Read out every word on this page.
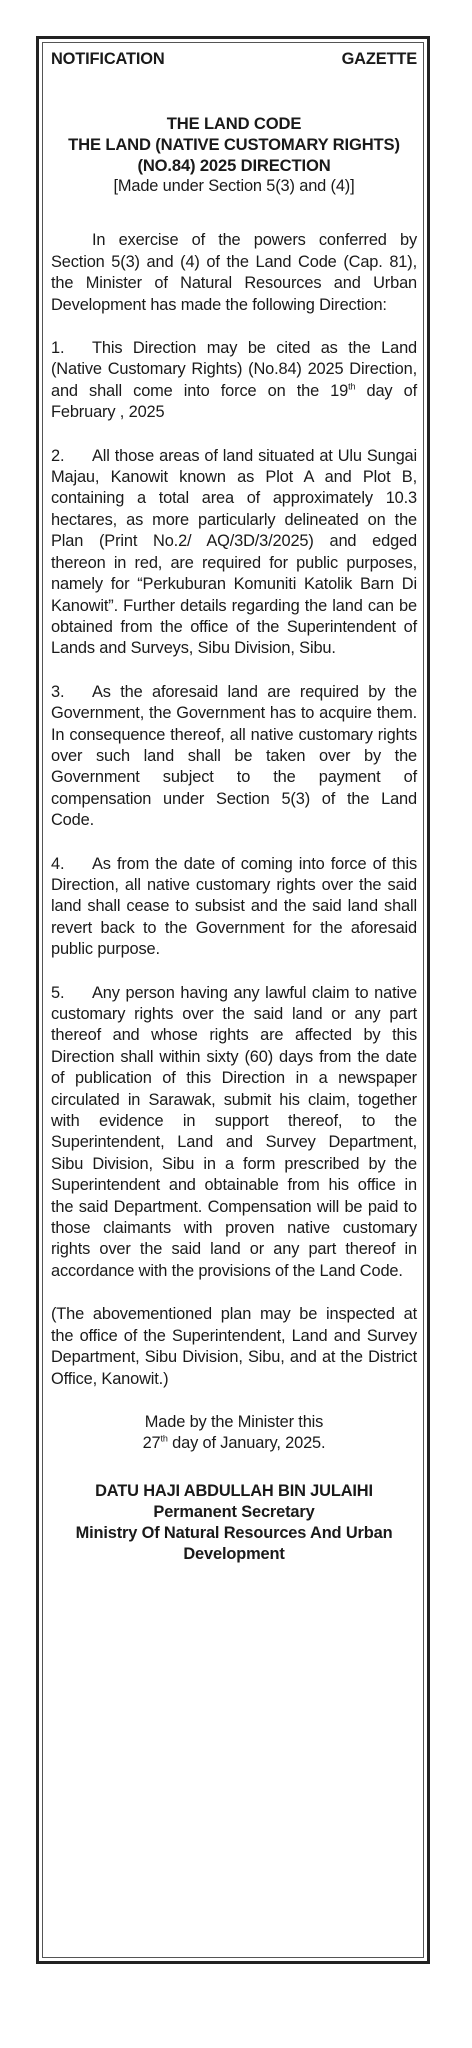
NOTIFICATION	GAZETTE
THE LAND CODE
THE LAND (NATIVE CUSTOMARY RIGHTS)
(NO.84) 2025 DIRECTION
[Made under Section 5(3) and (4)]

In exercise of the powers conferred by Section 5(3) and (4) of the Land Code (Cap. 81), the Minister of Natural Resources and Urban Development has made the following Direction:

1. This Direction may be cited as the Land (Native Customary Rights) (No.84) 2025 Direction, and shall come into force on the 19th day of February , 2025

2. All those areas of land situated at Ulu Sungai Majau, Kanowit known as Plot A and Plot B, containing a total area of approximately 10.3 hectares, as more particularly delineated on the Plan (Print No.2/ AQ/3D/3/2025) and edged thereon in red, are required for public purposes, namely for “Perkuburan Komuniti Katolik Barn Di Kanowit”. Further details regarding the land can be obtained from the office of the Superintendent of Lands and Surveys, Sibu Division, Sibu.

3. As the aforesaid land are required by the Government, the Government has to acquire them. In consequence thereof, all native customary rights over such land shall be taken over by the Government subject to the payment of compensation under Section 5(3) of the Land Code.

4. As from the date of coming into force of this Direction, all native customary rights over the said land shall cease to subsist and the said land shall revert back to the Government for the aforesaid public purpose.

5. Any person having any lawful claim to native customary rights over the said land or any part thereof and whose rights are affected by this Direction shall within sixty (60) days from the date of publication of this Direction in a newspaper circulated in Sarawak, submit his claim, together with evidence in support thereof, to the Superintendent, Land and Survey Department, Sibu Division, Sibu in a form prescribed by the Superintendent and obtainable from his office in the said Department. Compensation will be paid to those claimants with proven native customary rights over the said land or any part thereof in accordance with the provisions of the Land Code.

(The abovementioned plan may be inspected at the office of the Superintendent, Land and Survey Department, Sibu Division, Sibu, and at the District Office, Kanowit.)

Made by the Minister this
27th day of January, 2025.
DATU HAJI ABDULLAH BIN JULAIHI
Permanent Secretary
Ministry Of Natural Resources And Urban
Development
